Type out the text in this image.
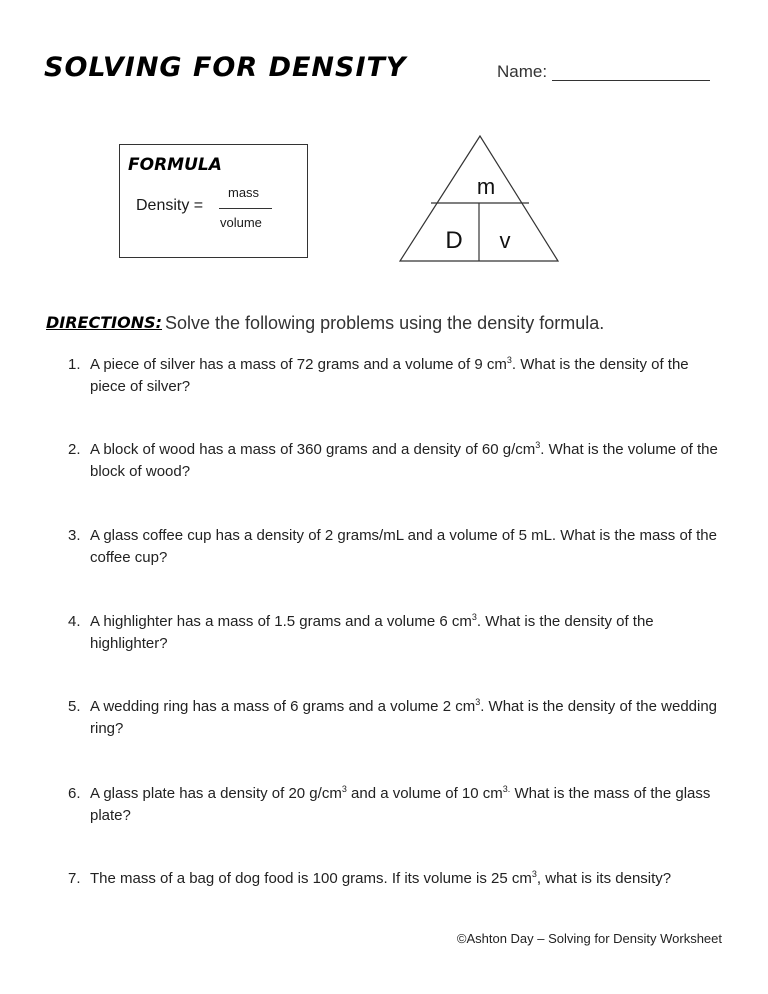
SOLVING FOR DENSITY	Name:
FORMULA
Density =
mass
volume
m
D v
DIRECTIONS: Solve the following problems using the density formula.
1. A piece of silver has a mass of 72 grams and a volume of 9 $cm^3$. What is the density of the piece of silver?
2. A block of wood has a mass of 360 grams and a density of 60 $g/cm^3$. What is the volume of the block of wood?
3. A glass coffee cup has a density of 2 grams/mL and a volume of 5 mL. What is the mass of the coffee cup?
4. A highlighter has a mass of 1.5 grams and a volume 6 $cm^3$. What is the density of the highlighter?
5. A wedding ring has a mass of 6 grams and a volume 2 $cm^3$. What is the density of the wedding ring?
6. A glass plate has a density of 20 $g/cm^3$ and a volume of 10 $cm^{3.}$ What is the mass of the glass plate?
7. The mass of a bag of dog food is 100 grams. If its volume is 25 $cm^3$, what is its density?
©Ashton Day – Solving for Density Worksheet
